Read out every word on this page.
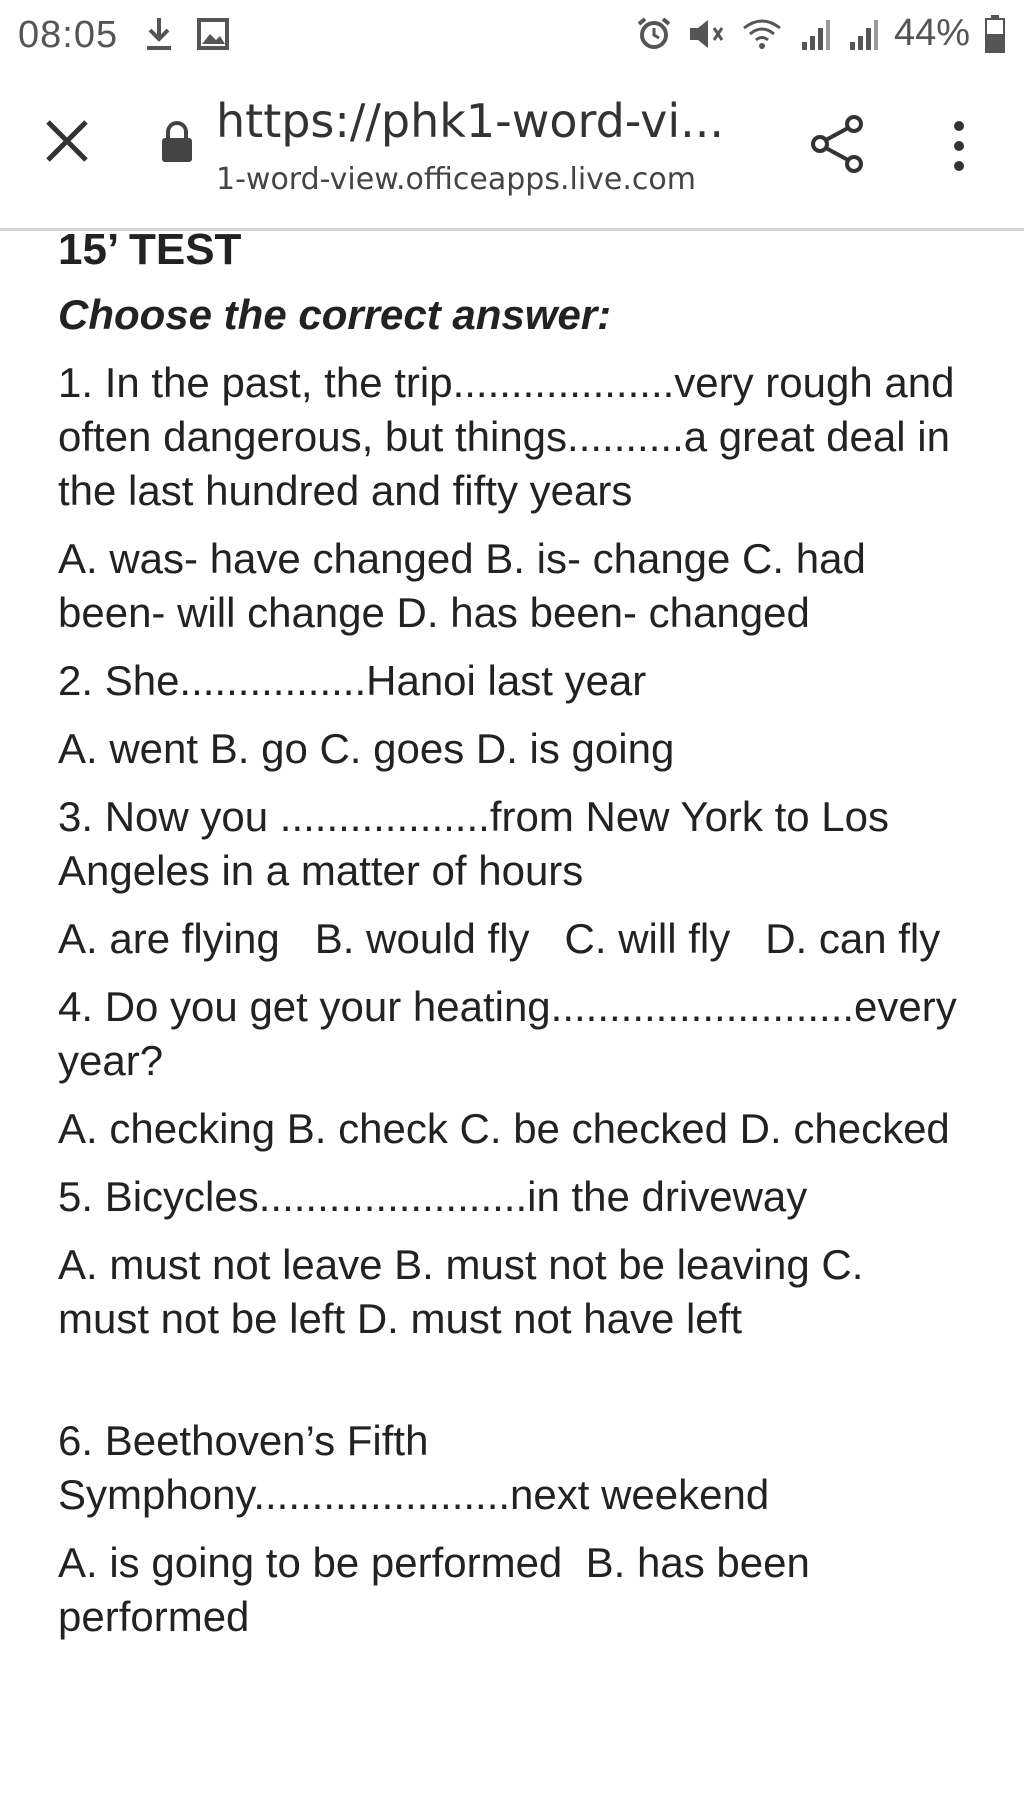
08:05	44%
https://phk1-word-vi...
1-word-view.officeapps.live.com
15’ TEST
Choose the correct answer:

1. In the past, the trip...................very rough and often dangerous, but things..........a great deal in the last hundred and fifty years

A. was- have changed B. is- change C. had been- will change D. has been- changed

2. She................Hanoi last year

A. went B. go C. goes D. is going

3. Now you ..................from New York to Los Angeles in a matter of hours

A. are flying   B. would fly   C. will fly   D. can fly

4. Do you get your heating..........................every year?

A. checking B. check C. be checked D. checked

5. Bicycles.......................in the driveway

A. must not leave B. must not be leaving C. must not be left D. must not have left

6. Beethoven’s Fifth Symphony......................next weekend

A. is going to be performed  B. has been performed
